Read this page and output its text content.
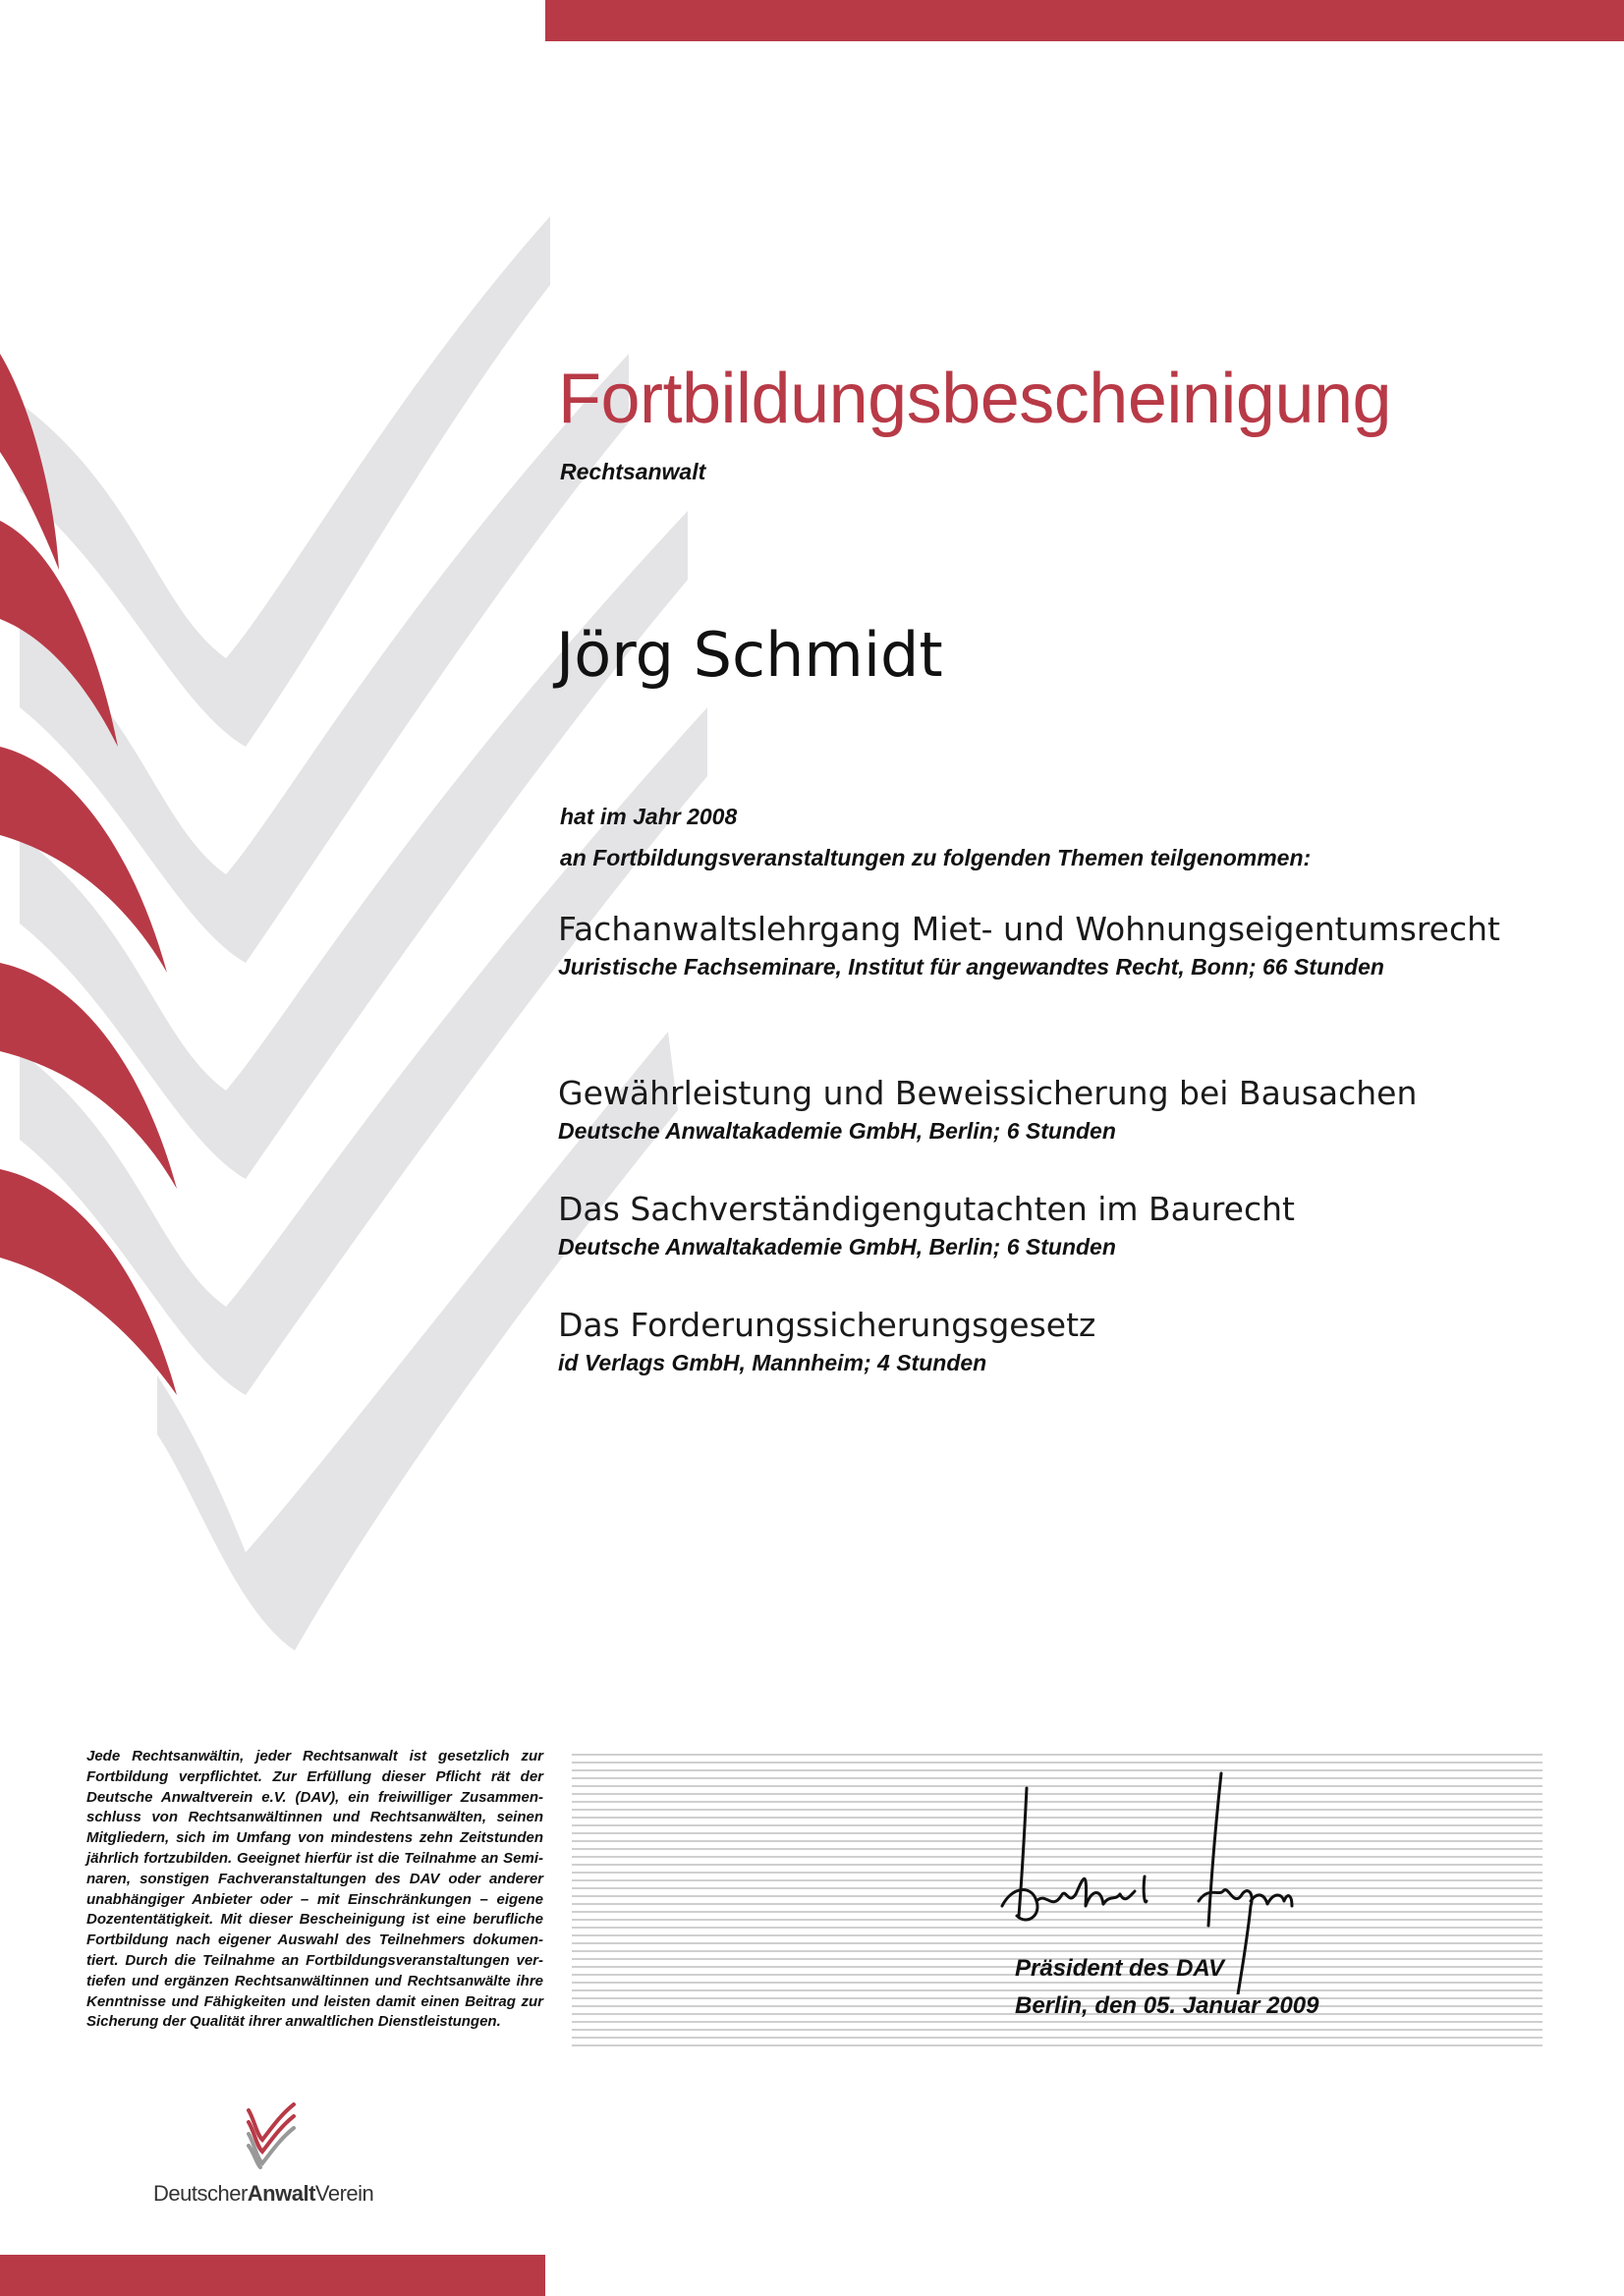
Fortbildungsbescheinigung
Rechtsanwalt
Jörg Schmidt
hat im Jahr 2008
an Fortbildungsveranstaltungen zu folgenden Themen teilgenommen:
Fachanwaltslehrgang Miet- und Wohnungseigentumsrecht
Juristische Fachseminare, Institut für angewandtes Recht, Bonn; 66 Stunden
Gewährleistung und Beweissicherung bei Bausachen
Deutsche Anwaltakademie GmbH, Berlin; 6 Stunden
Das Sachverständigengutachten im Baurecht
Deutsche Anwaltakademie GmbH, Berlin; 6 Stunden
Das Forderungssicherungsgesetz
id Verlags GmbH, Mannheim; 4 Stunden
Jede Rechtsanwältin, jeder Rechtsanwalt ist gesetzlich zur Fortbildung verpflichtet. Zur Erfüllung dieser Pflicht rät der Deutsche Anwaltverein e.V. (DAV), ein freiwilliger Zusammen- schluss von Rechtsanwältinnen und Rechtsanwälten, seinen Mitgliedern, sich im Umfang von mindestens zehn Zeitstunden jährlich fortzubilden. Geeignet hierfür ist die Teilnahme an Semi- naren, sonstigen Fachveranstaltungen des DAV oder anderer unabhängiger Anbieter oder – mit Einschränkungen – eigene Dozententätigkeit. Mit dieser Bescheinigung ist eine berufliche Fortbildung nach eigener Auswahl des Teilnehmers dokumen- tiert. Durch die Teilnahme an Fortbildungsveranstaltungen ver- tiefen und ergänzen Rechtsanwältinnen und Rechtsanwälte ihre Kenntnisse und Fähigkeiten und leisten damit einen Beitrag zur Sicherung der Qualität ihrer anwaltlichen Dienstleistungen.
Präsident des DAV
Berlin, den 05. Januar 2009
DeutscherAnwaltVerein
